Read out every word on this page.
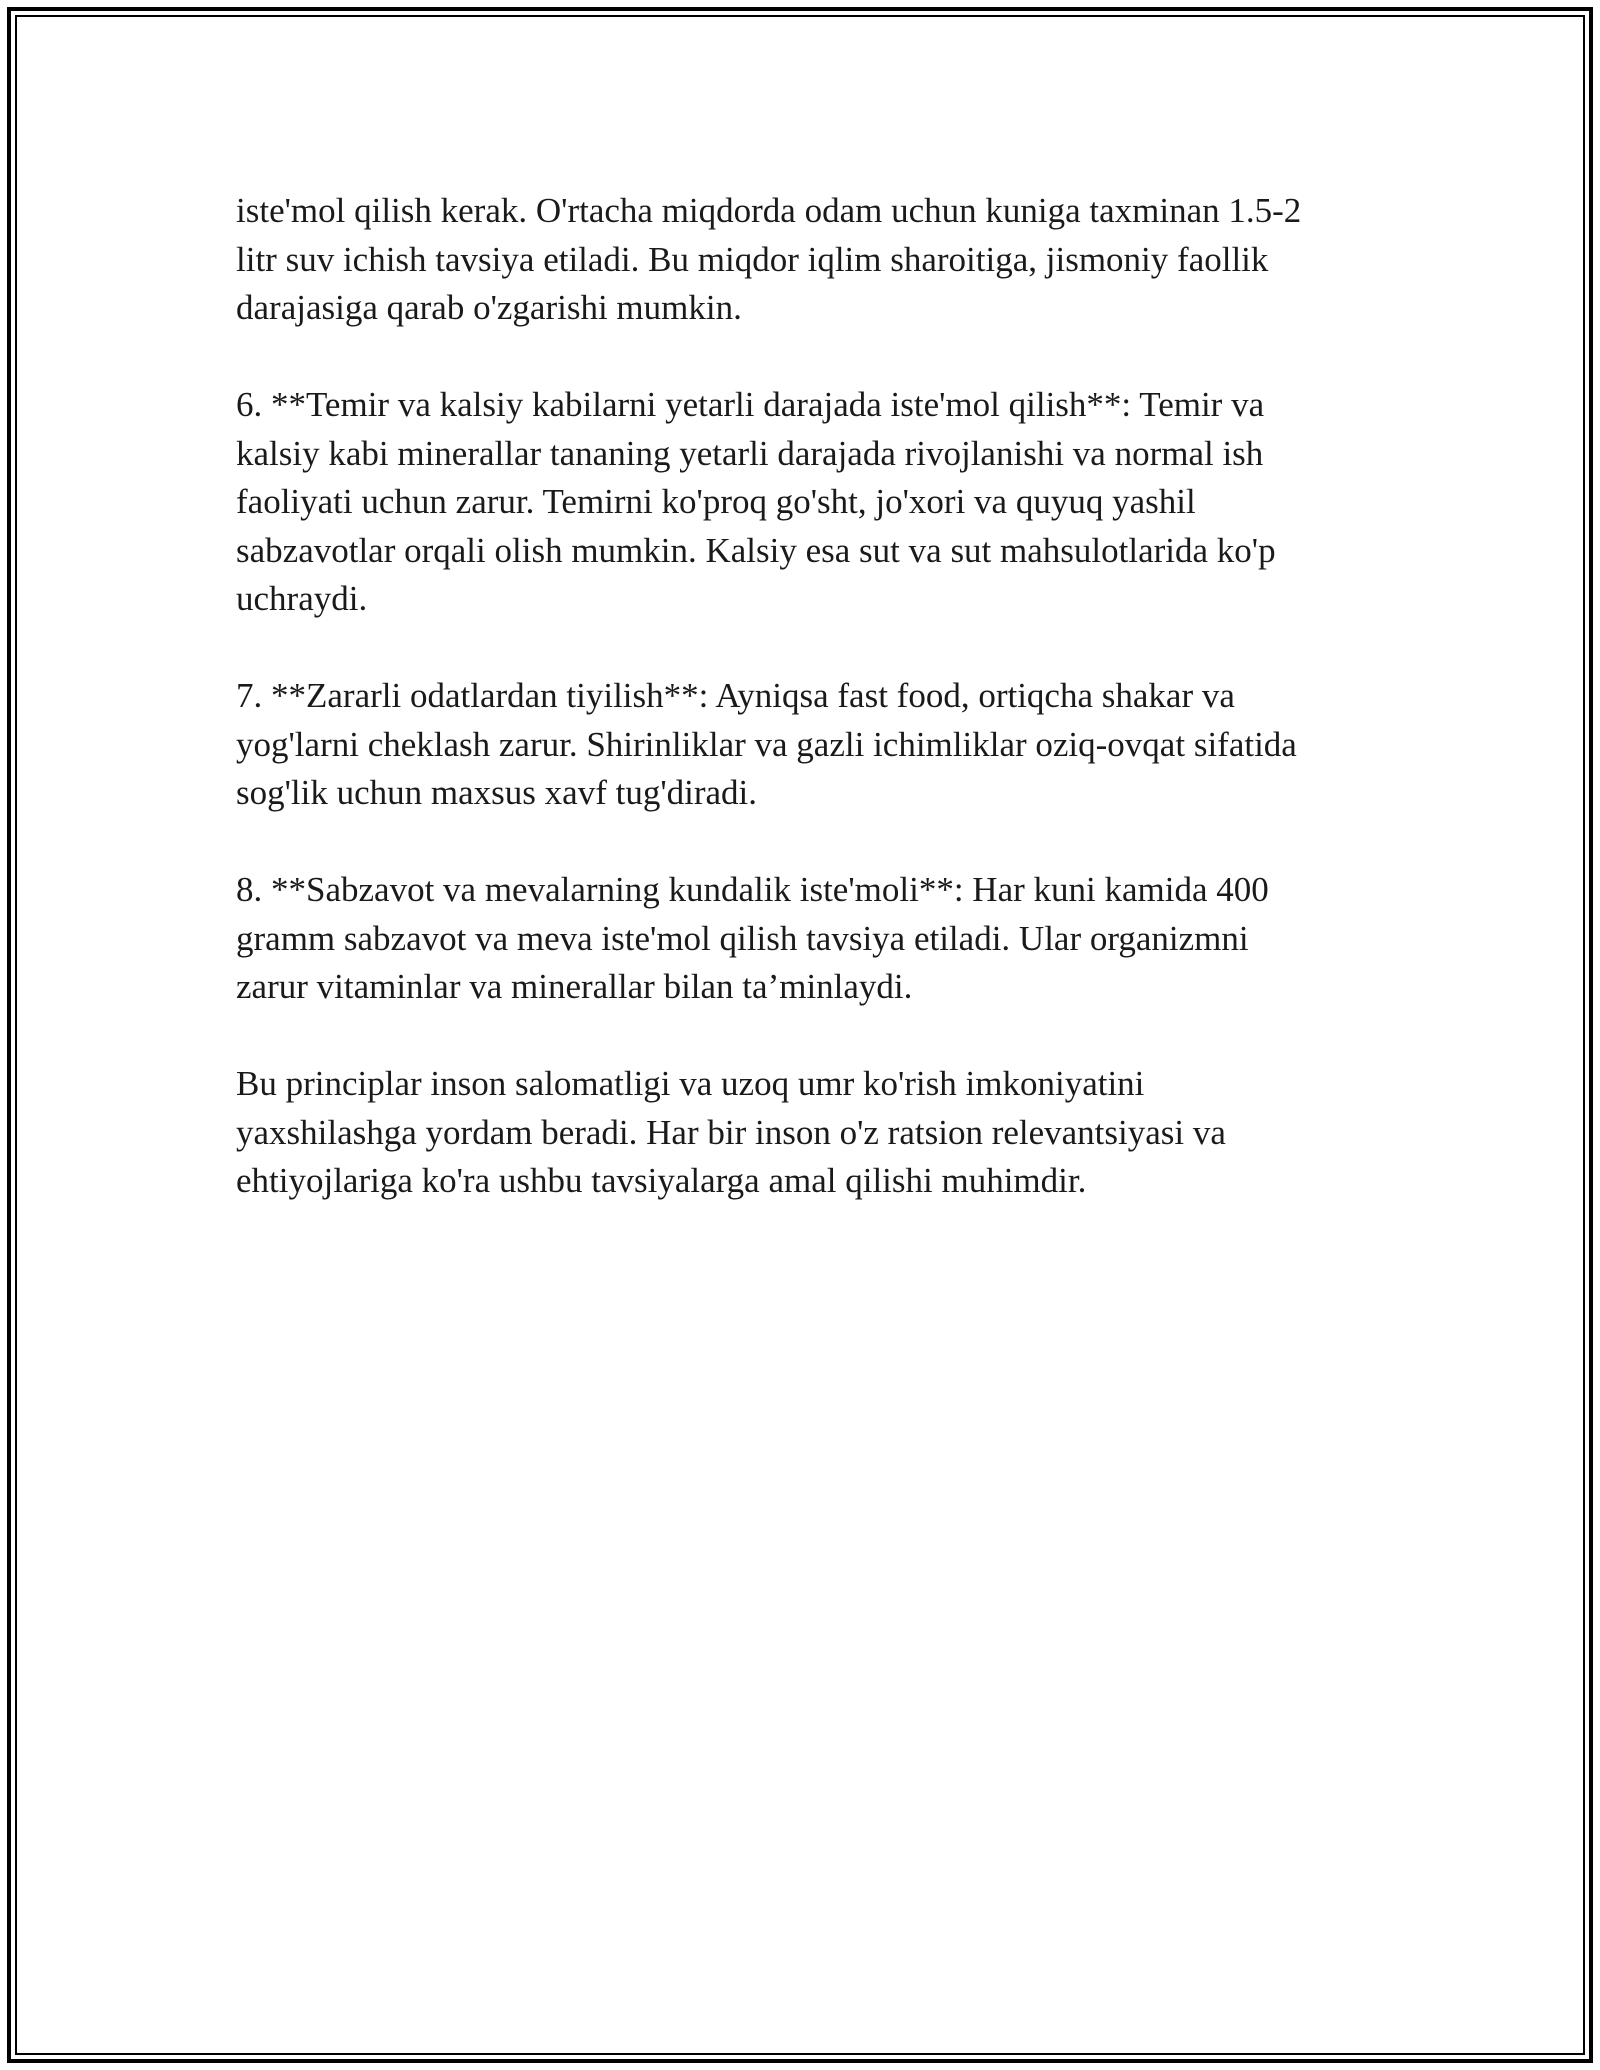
iste'mol qilish kerak. O'rtacha miqdorda odam uchun kuniga taxminan 1.5-2
litr suv ichish tavsiya etiladi. Bu miqdor iqlim sharoitiga, jismoniy faollik
darajasiga qarab o'zgarishi mumkin.

6. **Temir va kalsiy kabilarni yetarli darajada iste'mol qilish**: Temir va
kalsiy kabi minerallar tananing yetarli darajada rivojlanishi va normal ish
faoliyati uchun zarur. Temirni ko'proq go'sht, jo'xori va quyuq yashil
sabzavotlar orqali olish mumkin. Kalsiy esa sut va sut mahsulotlarida ko'p
uchraydi.

7. **Zararli odatlardan tiyilish**: Ayniqsa fast food, ortiqcha shakar va
yog'larni cheklash zarur. Shirinliklar va gazli ichimliklar oziq-ovqat sifatida
sog'lik uchun maxsus xavf tug'diradi.

8. **Sabzavot va mevalarning kundalik iste'moli**: Har kuni kamida 400
gramm sabzavot va meva iste'mol qilish tavsiya etiladi. Ular organizmni
zarur vitaminlar va minerallar bilan ta’minlaydi.

Bu principlar inson salomatligi va uzoq umr ko'rish imkoniyatini
yaxshilashga yordam beradi. Har bir inson o'z ratsion relevantsiyasi va
ehtiyojlariga ko'ra ushbu tavsiyalarga amal qilishi muhimdir.
